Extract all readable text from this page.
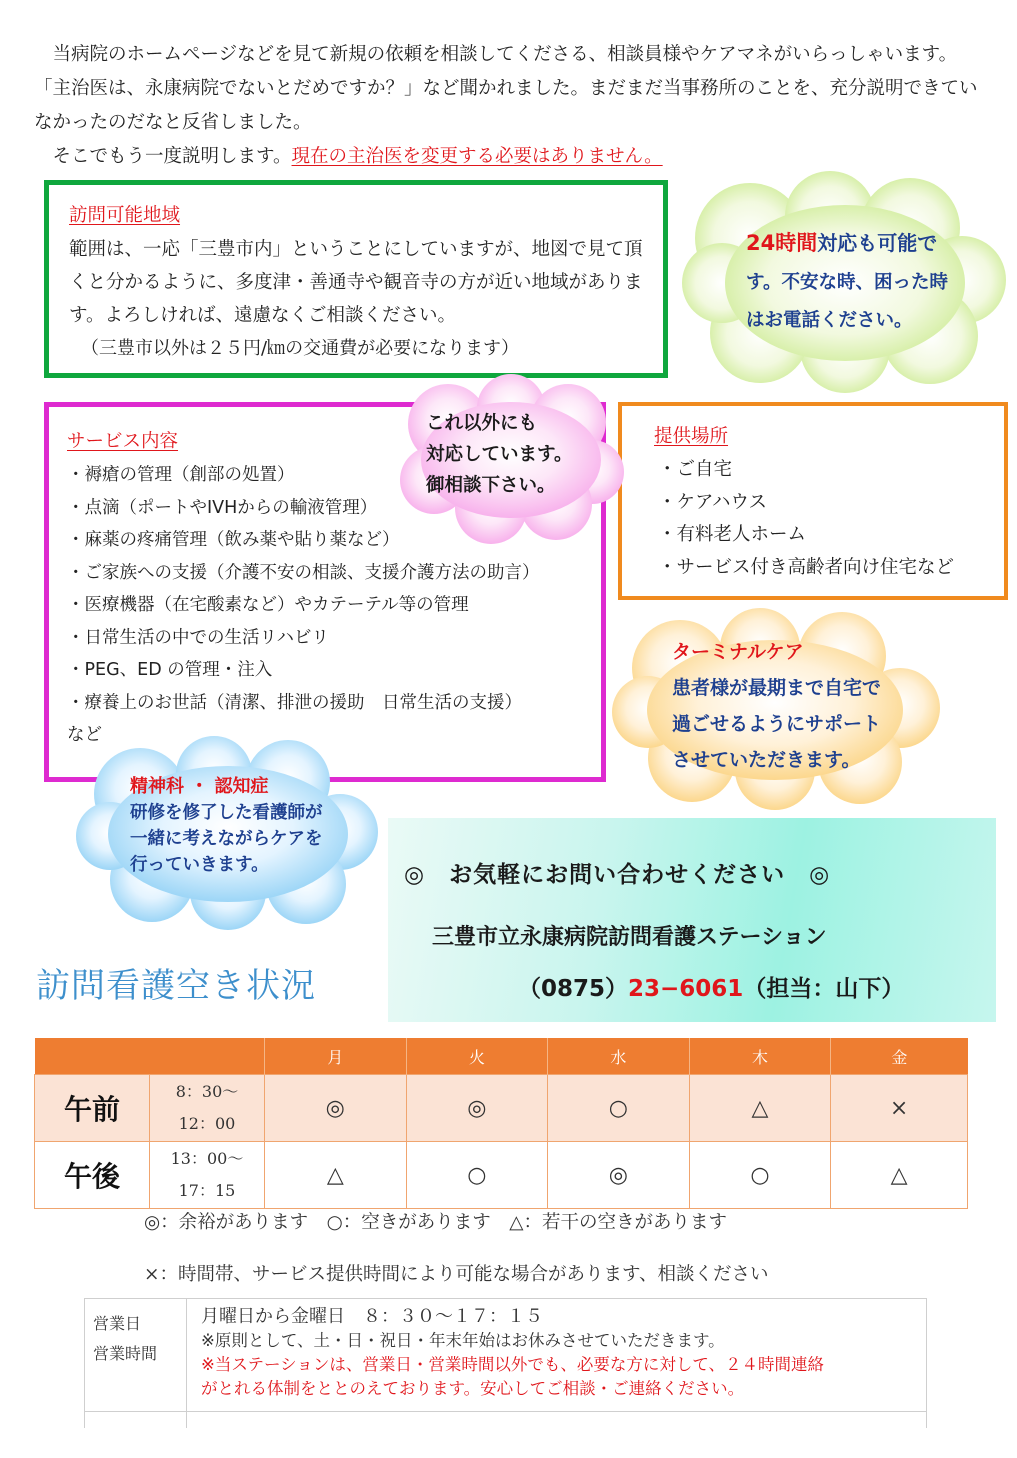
当病院のホームページなどを見て新規の依頼を相談してくださる、相談員様やケアマネがいらっしゃいます。「主治医は、永康病院でないとだめですか？」など聞かれました。まだまだ当事務所のことを、充分説明できていなかったのだなと反省しました。

そこでもう一度説明します。現在の主治医を変更する必要はありません。

訪問可能地域
範囲は、一応「三豊市内」ということにしていますが、地図で見て頂くと分かるように、多度津・善通寺や観音寺の方が近い地域があります。よろしければ、遠慮なくご相談ください。
（三豊市以外は２５円/㎞の交通費が必要になります）
24時間対応も可能で
す。不安な時、困った時
はお電話ください。
サービス内容
・ 褥瘡の管理（創部の処置）
・ 点滴（ポートやIVHからの輸液管理）
・ 麻薬の疼痛管理（飲み薬や貼り薬など）
・ ご家族への支援（介護不安の相談、支援介護方法の助言）
・ 医療機器（在宅酸素など）やカテーテル等の管理
・ 日常生活の中での生活リハビリ
・ PEG、ED の管理・注入
・ 療養上のお世話（清潔、排泄の援助　日常生活の支援）
など
提供場所
・ ご自宅
・ ケアハウス
・ 有料老人ホーム
・ サービス付き高齢者向け住宅など
これ以外にも
対応しています。
御相談下さい。
ターミナルケア
患者様が最期まで自宅で
過ごせるようにサポート
させていただきます。
精神科 ・ 認知症
研修を修了した看護師が
一緒に考えながらケアを
行っていきます。	◎　お気軽にお問い合わせください　◎
三豊市立永康病院訪問看護ステーション
（0875）23−6061（担当：山下）
訪問看護空き状況
		月	火	水	木	金
午前	8：30〜
12：00	◎	◎	○	△	×
午後	13：00〜
17：15	△	○	◎	○	△
◎：余裕があります　○：空きがあります　△：若干の空きがあります
×：時間帯、サービス提供時間により可能な場合があります、相談ください
営業日
営業時間
月曜日から金曜日　８：３０〜１７：１５
※原則として、土・日・祝日・年末年始はお休みさせていただきます。
※当ステーションは、営業日・営業時間以外でも、必要な方に対して、２４時間連絡
がとれる体制をととのえております。安心してご相談・ご連絡ください。
